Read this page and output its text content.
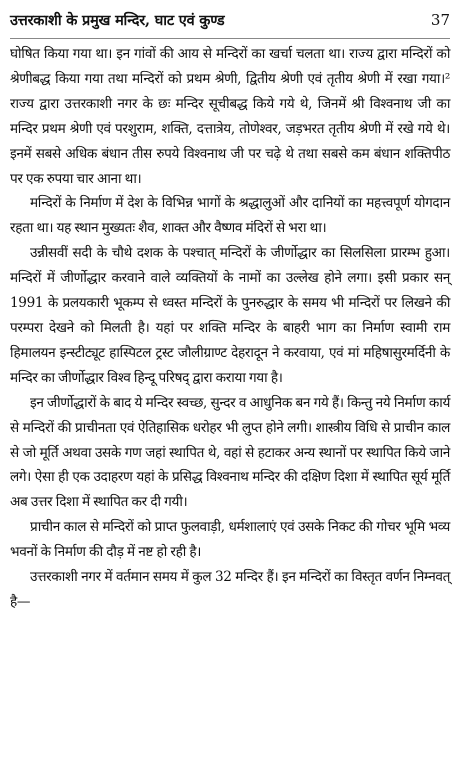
उत्तरकाशी के प्रमुख मन्दिर, घाट एवं कुण्ड	37

घोषित किया गया था। इन गांवों की आय से मन्दिरों का खर्चा चलता था। राज्य द्वारा मन्दिरों को श्रेणीबद्ध किया गया तथा मन्दिरों को प्रथम श्रेणी, द्वितीय श्रेणी एवं तृतीय श्रेणी में रखा गया।² राज्य द्वारा उत्तरकाशी नगर के छः मन्दिर सूचीबद्ध किये गये थे, जिनमें श्री विश्वनाथ जी का मन्दिर प्रथम श्रेणी एवं परशुराम, शक्ति, दत्तात्रेय, तोणेश्वर, जड़भरत तृतीय श्रेणी में रखे गये थे। इनमें सबसे अधिक बंधान तीस रुपये विश्वनाथ जी पर चढ़े थे तथा सबसे कम बंधान शक्तिपीठ पर एक रुपया चार आना था।

मन्दिरों के निर्माण में देश के विभिन्न भागों के श्रद्धालुओं और दानियों का महत्त्वपूर्ण योगदान रहता था। यह स्थान मुख्यतः शैव, शाक्त और वैष्णव मंदिरों से भरा था।

उन्नीसवीं सदी के चौथे दशक के पश्चात् मन्दिरों के जीर्णोद्धार का सिलसिला प्रारम्भ हुआ। मन्दिरों में जीर्णोद्धार करवाने वाले व्यक्तियों के नामों का उल्लेख होने लगा। इसी प्रकार सन् 1991 के प्रलयकारी भूकम्प से ध्वस्त मन्दिरों के पुनरुद्धार के समय भी मन्दिरों पर लिखने की परम्परा देखने को मिलती है। यहां पर शक्ति मन्दिर के बाहरी भाग का निर्माण स्वामी राम हिमालयन इन्स्टीट्यूट हास्पिटल ट्रस्ट जौलीग्राण्ट देहरादून ने करवाया, एवं मां महिषासुरमर्दिनी के मन्दिर का जीर्णोद्धार विश्व हिन्दू परिषद् द्वारा कराया गया है।

इन जीर्णोद्धारों के बाद ये मन्दिर स्वच्छ, सुन्दर व आधुनिक बन गये हैं। किन्तु नये निर्माण कार्य से मन्दिरों की प्राचीनता एवं ऐतिहासिक धरोहर भी लुप्त होने लगी। शास्त्रीय विधि से प्राचीन काल से जो मूर्ति अथवा उसके गण जहां स्थापित थे, वहां से हटाकर अन्य स्थानों पर स्थापित किये जाने लगे। ऐसा ही एक उदाहरण यहां के प्रसिद्ध विश्वनाथ मन्दिर की दक्षिण दिशा में स्थापित सूर्य मूर्ति अब उत्तर दिशा में स्थापित कर दी गयी।

प्राचीन काल से मन्दिरों को प्राप्त फुलवाड़ी, धर्मशालाएं एवं उसके निकट की गोचर भूमि भव्य भवनों के निर्माण की दौड़ में नष्ट हो रही है।

उत्तरकाशी नगर में वर्तमान समय में कुल 32 मन्दिर हैं। इन मन्दिरों का विस्तृत वर्णन निम्नवत् है—
